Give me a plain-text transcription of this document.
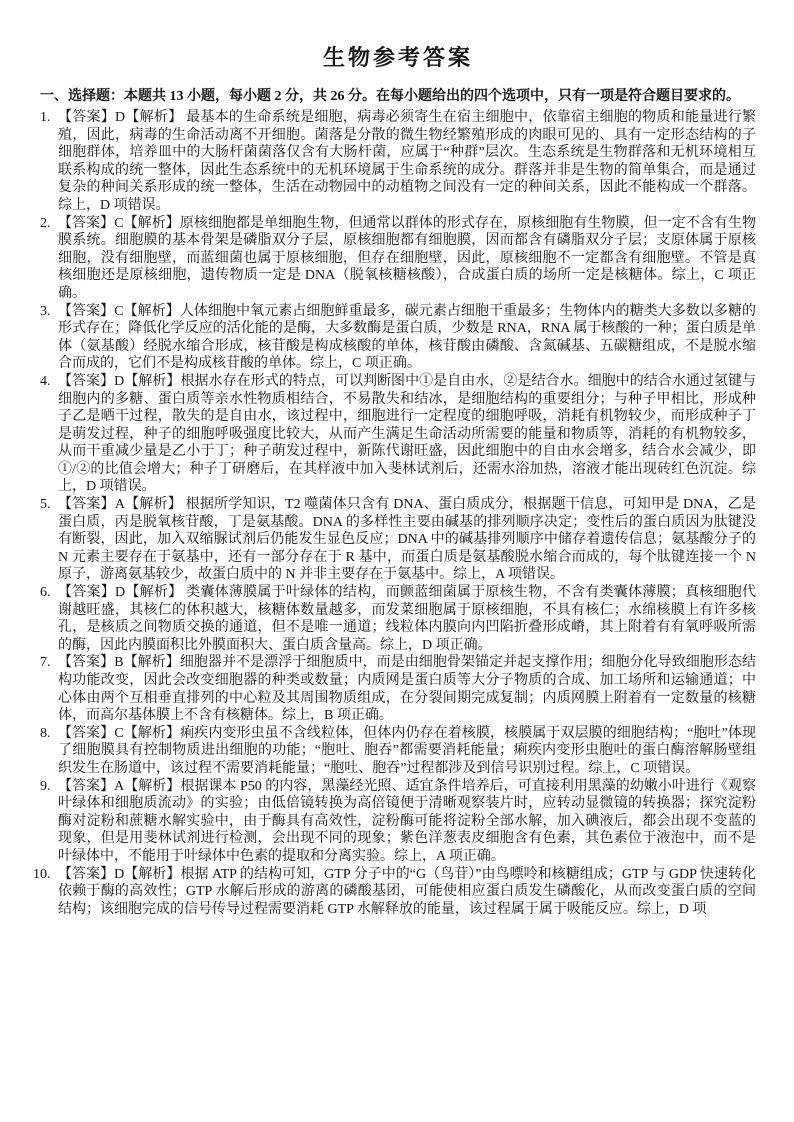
生物参考答案

一、选择题：本题共 13 小题，每小题 2 分，共 26 分。在每小题给出的四个选项中，只有一项是符合题目要求的。

1. 【答案】D【解析】 最基本的生命系统是细胞，病毒必须寄生在宿主细胞中，依靠宿主细胞的物质和能量进行繁殖，因此，病毒的生命活动离不开细胞。菌落是分散的微生物经繁殖形成的肉眼可见的、具有一定形态结构的子细胞群体，培养皿中的大肠杆菌菌落仅含有大肠杆菌，应属于“种群”层次。生态系统是生物群落和无机环境相互联系构成的统一整体，因此生态系统中的无机环境属于生命系统的成分。群落并非是生物的简单集合，而是通过复杂的种间关系形成的统一整体，生活在动物园中的动植物之间没有一定的种间关系，因此不能构成一个群落。综上，D 项错误。

2. 【答案】C【解析】原核细胞都是单细胞生物，但通常以群体的形式存在，原核细胞有生物膜，但一定不含有生物膜系统。细胞膜的基本骨架是磷脂双分子层，原核细胞都有细胞膜，因而都含有磷脂双分子层；支原体属于原核细胞，没有细胞壁，而蓝细菌也属于原核细胞，但存在细胞壁，因此，原核细胞不一定都含有细胞壁。不管是真核细胞还是原核细胞，遗传物质一定是 DNA（脱氧核糖核酸），合成蛋白质的场所一定是核糖体。综上，C 项正确。

3. 【答案】C【解析】人体细胞中氧元素占细胞鲜重最多，碳元素占细胞干重最多；生物体内的糖类大多数以多糖的形式存在；降低化学反应的活化能的是酶，大多数酶是蛋白质，少数是 RNA，RNA 属于核酸的一种；蛋白质是单体（氨基酸）经脱水缩合形成，核苷酸是构成核酸的单体，核苷酸由磷酸、含氮碱基、五碳糖组成，不是脱水缩合而成的，它们不是构成核苷酸的单体。综上，C 项正确。

4. 【答案】D【解析】根据水存在形式的特点，可以判断图中①是自由水，②是结合水。细胞中的结合水通过氢键与细胞内的多糖、蛋白质等亲水性物质相结合，不易散失和结冰，是细胞结构的重要组分；与种子甲相比，形成种子乙是晒干过程，散失的是自由水，该过程中，细胞进行一定程度的细胞呼吸，消耗有机物较少，而形成种子丁是萌发过程，种子的细胞呼吸强度比较大，从而产生满足生命活动所需要的能量和物质等，消耗的有机物较多，从而干重减少量是乙小于丁；种子萌发过程中，新陈代谢旺盛，因此细胞中的自由水会增多，结合水会减少，即①/②的比值会增大；种子丁研磨后，在其样液中加入斐林试剂后，还需水浴加热，溶液才能出现砖红色沉淀。综上，D 项错误。

5. 【答案】A【解析】 根据所学知识，T2 噬菌体只含有 DNA、蛋白质成分，根据题干信息，可知甲是 DNA，乙是蛋白质，丙是脱氧核苷酸，丁是氨基酸。DNA 的多样性主要由碱基的排列顺序决定；变性后的蛋白质因为肽键没有断裂，因此，加入双缩脲试剂后仍能发生显色反应；DNA 中的碱基排列顺序中储存着遗传信息；氨基酸分子的 N 元素主要存在于氨基中，还有一部分存在于 R 基中，而蛋白质是氨基酸脱水缩合而成的，每个肽键连接一个 N 原子，游离氨基较少，故蛋白质中的 N 并非主要存在于氨基中。综上，A 项错误。

6. 【答案】D【解析】 类囊体薄膜属于叶绿体的结构，而颤蓝细菌属于原核生物，不含有类囊体薄膜；真核细胞代谢越旺盛，其核仁的体积越大，核糖体数量越多，而发菜细胞属于原核细胞，不具有核仁；水绵核膜上有许多核孔，是核质之间物质交换的通道，但不是唯一通道；线粒体内膜向内凹陷折叠形成嵴，其上附着有有氧呼吸所需的酶，因此内膜面积比外膜面积大、蛋白质含量高。综上，D 项正确。

7. 【答案】B【解析】细胞器并不是漂浮于细胞质中，而是由细胞骨架锚定并起支撑作用；细胞分化导致细胞形态结构功能改变，因此会改变细胞器的种类或数量；内质网是蛋白质等大分子物质的合成、加工场所和运输通道；中心体由两个互相垂直排列的中心粒及其周围物质组成，在分裂间期完成复制；内质网膜上附着有一定数量的核糖体，而高尔基体膜上不含有核糖体。综上，B 项正确。

8. 【答案】C【解析】痢疾内变形虫虽不含线粒体，但体内仍存在着核膜，核膜属于双层膜的细胞结构；“胞吐”体现了细胞膜具有控制物质进出细胞的功能；“胞吐、胞吞”都需要消耗能量；痢疾内变形虫胞吐的蛋白酶溶解肠壁组织发生在肠道中，该过程不需要消耗能量；“胞吐、胞吞”过程都涉及到信号识别过程。综上，C 项错误。

9. 【答案】A【解析】根据课本 P50 的内容，黑藻经光照、适宜条件培养后，可直接利用黑藻的幼嫩小叶进行《观察叶绿体和细胞质流动》的实验；由低倍镜转换为高倍镜便于清晰观察装片时，应转动显微镜的转换器；探究淀粉酶对淀粉和蔗糖水解实验中，由于酶具有高效性，淀粉酶可能将淀粉全部水解，加入碘液后，都会出现不变蓝的现象，但是用斐林试剂进行检测，会出现不同的现象；紫色洋葱表皮细胞含有色素，其色素位于液泡中，而不是叶绿体中，不能用于叶绿体中色素的提取和分离实验。综上，A 项正确。

10. 【答案】D【解析】根据 ATP 的结构可知，GTP 分子中的“G（鸟苷）”由鸟嘌呤和核糖组成；GTP 与 GDP 快速转化依赖于酶的高效性；GTP 水解后形成的游离的磷酸基团，可能使相应蛋白质发生磷酸化，从而改变蛋白质的空间结构；该细胞完成的信号传导过程需要消耗 GTP 水解释放的能量，该过程属于属于吸能反应。综上，D 项
